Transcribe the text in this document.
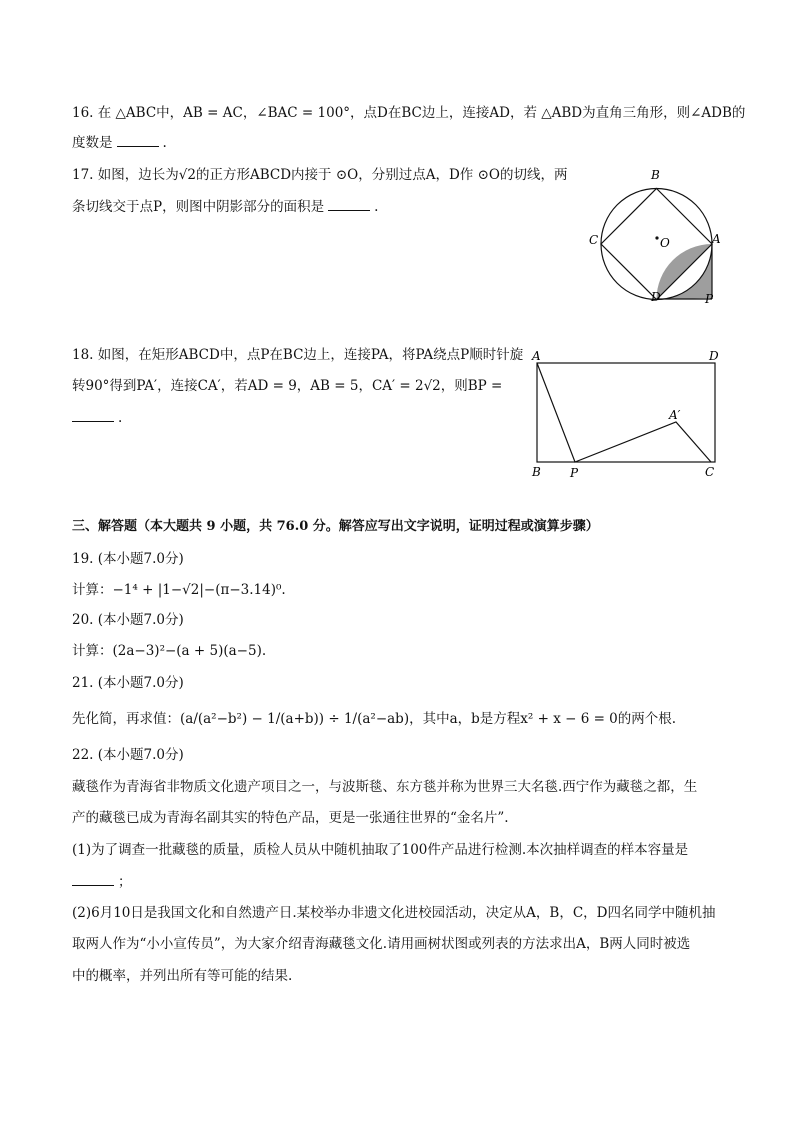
16. 在 △ABC中，AB = AC，∠BAC = 100°，点D在BC边上，连接AD，若 △ABD为直角三角形，则∠ADB的
度数是	.
17. 如图，边长为√2的正方形ABCD内接于 ⊙O，分别过点A，D作 ⊙O的切线，两
条切线交于点P，则图中阴影部分的面积是	.
B
C	A
D	P
O
18. 如图，在矩形ABCD中，点P在BC边上，连接PA，将PA绕点P顺时针旋
转90°得到PA′，连接CA′，若AD = 9，AB = 5，CA′ = 2√2，则BP =
.
A	D
A′
B P	C
三、解答题（本大题共 9 小题，共 76.0 分。解答应写出文字说明，证明过程或演算步骤）
19. (本小题7.0分)
计算：−1⁴ + |1−√2|−(π−3.14)⁰.
20. (本小题7.0分)
计算：(2a−3)²−(a + 5)(a−5).
21. (本小题7.0分)
先化简，再求值：(a/(a²−b²) − 1/(a+b)) ÷ 1/(a²−ab)，其中a，b是方程x² + x − 6 = 0的两个根.
22. (本小题7.0分)
藏毯作为青海省非物质文化遗产项目之一，与波斯毯、东方毯并称为世界三大名毯.西宁作为藏毯之都，生
产的藏毯已成为青海名副其实的特色产品，更是一张通往世界的“金名片”.
(1)为了调查一批藏毯的质量，质检人员从中随机抽取了100件产品进行检测.本次抽样调查的样本容量是
；
(2)6月10日是我国文化和自然遗产日.某校举办非遗文化进校园活动，决定从A，B，C，D四名同学中随机抽
取两人作为“小小宣传员”，为大家介绍青海藏毯文化.请用画树状图或列表的方法求出A，B两人同时被选
中的概率，并列出所有等可能的结果.
